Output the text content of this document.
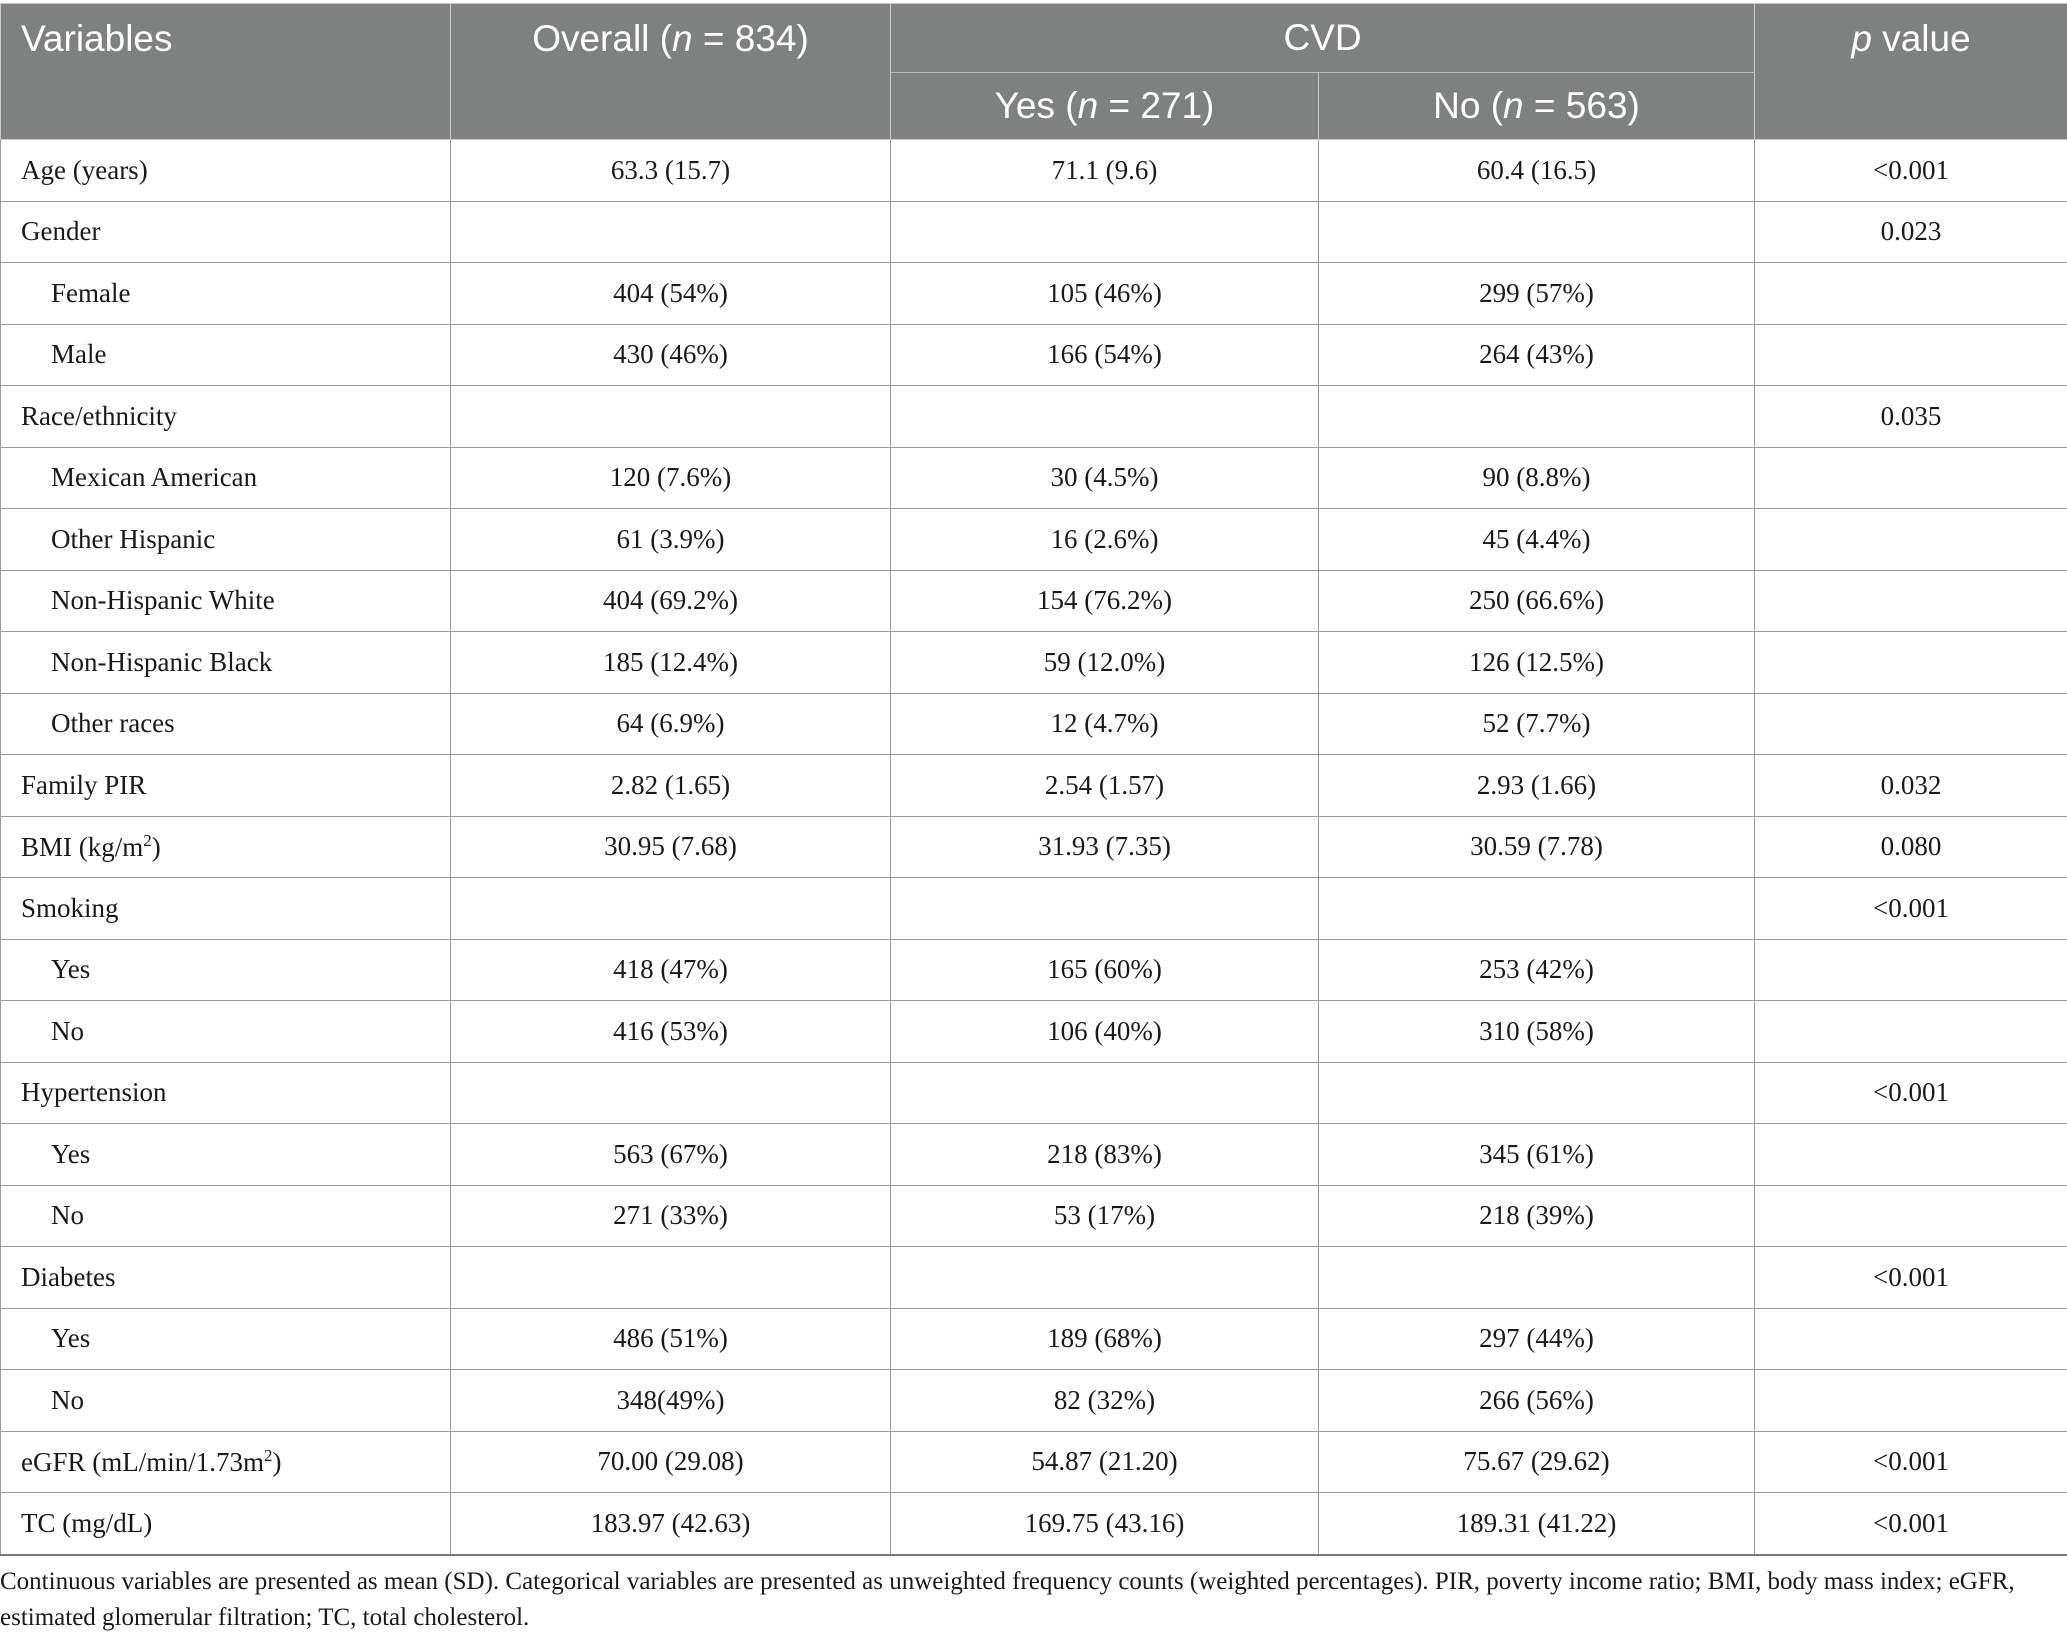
Variables	Overall (n = 834)	CVD		p value
		Yes (n = 271)	No (n = 563)	
Age (years)	63.3 (15.7)	71.1 (9.6)	60.4 (16.5)	<0.001
Gender				0.023
Female	404 (54%)	105 (46%)	299 (57%)	
Male	430 (46%)	166 (54%)	264 (43%)	
Race/ethnicity				0.035
Mexican American	120 (7.6%)	30 (4.5%)	90 (8.8%)	
Other Hispanic	61 (3.9%)	16 (2.6%)	45 (4.4%)	
Non-Hispanic White	404 (69.2%)	154 (76.2%)	250 (66.6%)	
Non-Hispanic Black	185 (12.4%)	59 (12.0%)	126 (12.5%)	
Other races	64 (6.9%)	12 (4.7%)	52 (7.7%)	
Family PIR	2.82 (1.65)	2.54 (1.57)	2.93 (1.66)	0.032
BMI $(kg/m^2)$	30.95 (7.68)	31.93 (7.35)	30.59 (7.78)	0.080
Smoking				<0.001
Yes	418 (47%)	165 (60%)	253 (42%)	
No	416 (53%)	106 (40%)	310 (58%)	
Hypertension				<0.001
Yes	563 (67%)	218 (83%)	345 (61%)	
No	271 (33%)	53 (17%)	218 (39%)	
Diabetes				<0.001
Yes	486 (51%)	189 (68%)	297 (44%)	
No	348(49%)	82 (32%)	266 (56%)	
eGFR $(mL/\min/1.73m^2)$	70.00 (29.08)	54.87 (21.20)	75.67 (29.62)	<0.001
TC (mg/dL)	183.97 (42.63)	169.75 (43.16)	189.31 (41.22)	<0.001
Continuous variables are presented as mean (SD). Categorical variables are presented as unweighted frequency counts (weighted percentages). PIR, poverty income ratio; BMI, body mass index; eGFR, estimated glomerular filtration; TC, total cholesterol.
